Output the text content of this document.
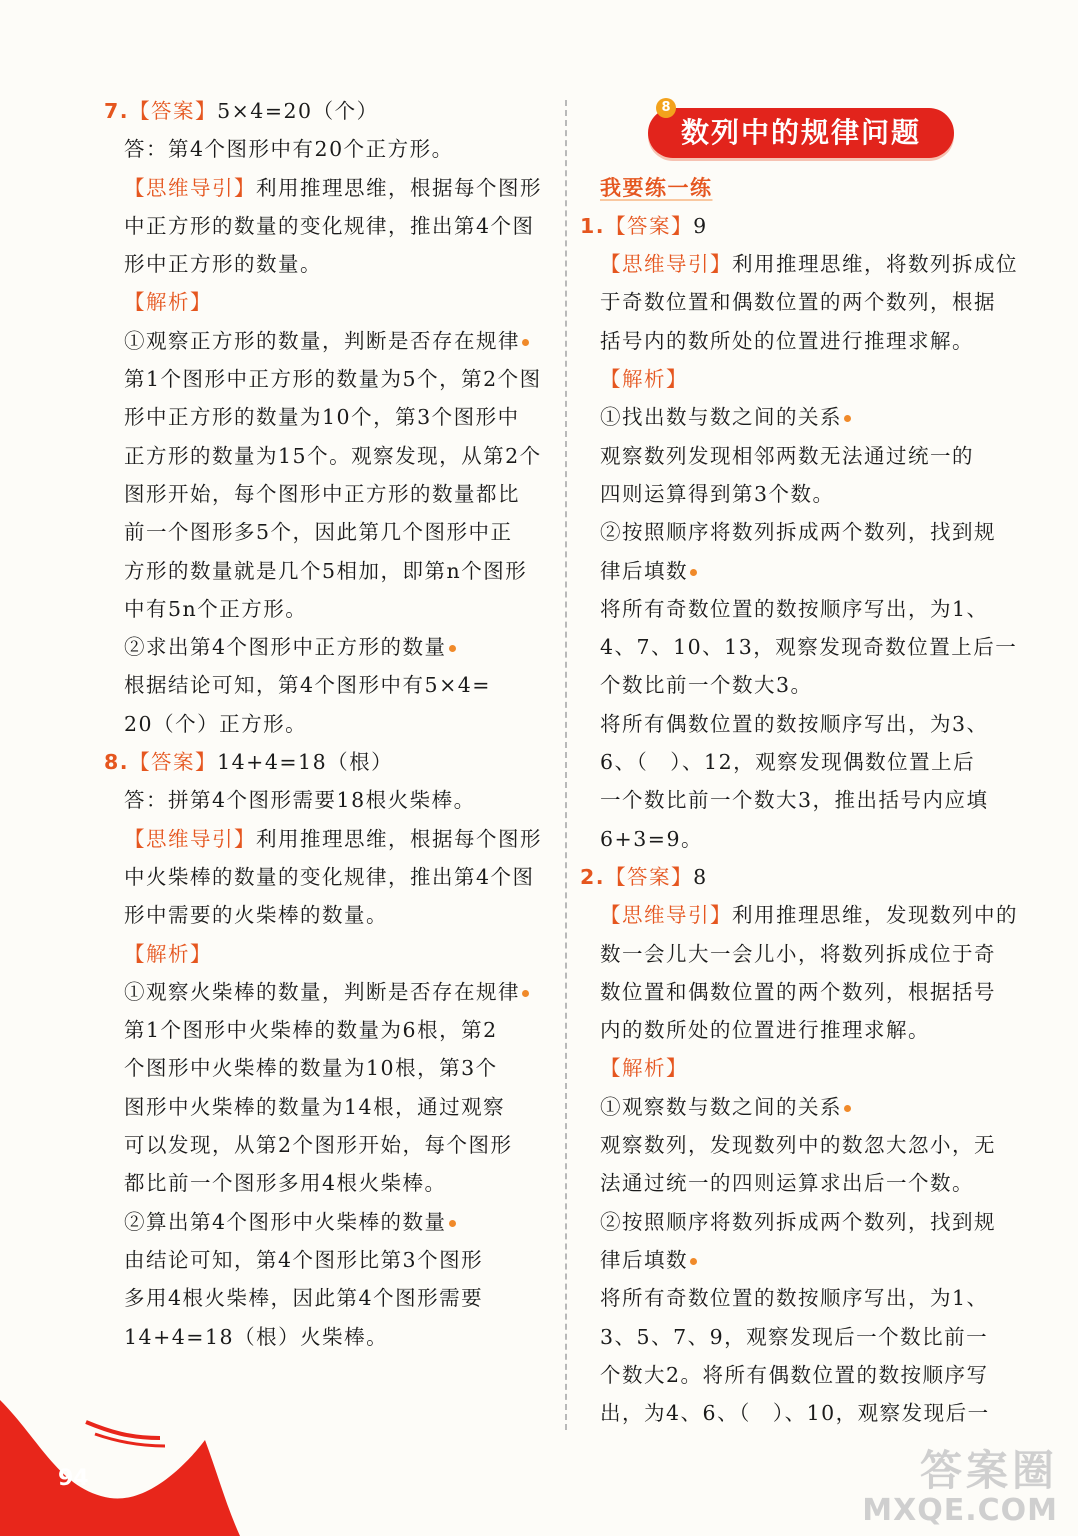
94
数列中的规律问题
8
7.【答案】5×4=20（个）
答：第4个图形中有20个正方形。
【思维导引】利用推理思维，根据每个图形
中正方形的数量的变化规律，推出第4个图
形中正方形的数量。
【解析】
①观察正方形的数量，判断是否存在规律
第1个图形中正方形的数量为5个，第2个图
形中正方形的数量为10个，第3个图形中
正方形的数量为15个。观察发现，从第2个
图形开始，每个图形中正方形的数量都比
前一个图形多5个，因此第几个图形中正
方形的数量就是几个5相加，即第n个图形
中有5n个正方形。
②求出第4个图形中正方形的数量
根据结论可知，第4个图形中有5×4=
20（个）正方形。
8.【答案】14+4=18（根）
答：拼第4个图形需要18根火柴棒。
【思维导引】利用推理思维，根据每个图形
中火柴棒的数量的变化规律，推出第4个图
形中需要的火柴棒的数量。
【解析】
①观察火柴棒的数量，判断是否存在规律
第1个图形中火柴棒的数量为6根，第2
个图形中火柴棒的数量为10根，第3个
图形中火柴棒的数量为14根，通过观察
可以发现，从第2个图形开始，每个图形
都比前一个图形多用4根火柴棒。
②算出第4个图形中火柴棒的数量
由结论可知，第4个图形比第3个图形
多用4根火柴棒，因此第4个图形需要
14+4=18（根）火柴棒。
我要练一练
1.【答案】9
【思维导引】利用推理思维，将数列拆成位
于奇数位置和偶数位置的两个数列，根据
括号内的数所处的位置进行推理求解。
【解析】
①找出数与数之间的关系
观察数列发现相邻两数无法通过统一的
四则运算得到第3个数。
②按照顺序将数列拆成两个数列，找到规
律后填数
将所有奇数位置的数按顺序写出，为1、
4、7、10、13，观察发现奇数位置上后一
个数比前一个数大3。
将所有偶数位置的数按顺序写出，为3、
6、（　）、12，观察发现偶数位置上后
一个数比前一个数大3，推出括号内应填
6+3=9。
2.【答案】8
【思维导引】利用推理思维，发现数列中的
数一会儿大一会儿小，将数列拆成位于奇
数位置和偶数位置的两个数列，根据括号
内的数所处的位置进行推理求解。
【解析】
①观察数与数之间的关系
观察数列，发现数列中的数忽大忽小，无
法通过统一的四则运算求出后一个数。
②按照顺序将数列拆成两个数列，找到规
律后填数
将所有奇数位置的数按顺序写出，为1、
3、5、7、9，观察发现后一个数比前一
个数大2。将所有偶数位置的数按顺序写
出，为4、6、（　）、10，观察发现后一
答案圈
MXQE.COM
